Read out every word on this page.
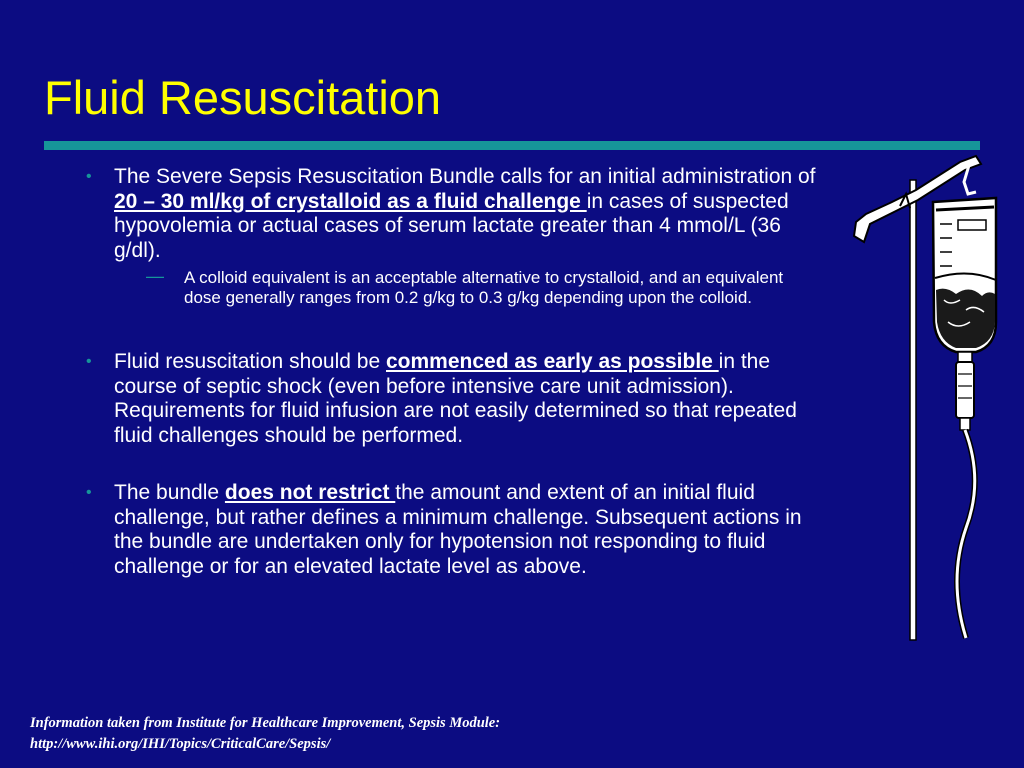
Fluid Resuscitation
• The Severe Sepsis Resuscitation Bundle calls for an initial administration of 20 – 30 ml/kg of crystalloid as a fluid challenge in cases of suspected hypovolemia or actual cases of serum lactate greater than 4 mmol/L (36 g/dl).
— A colloid equivalent is an acceptable alternative to crystalloid, and an equivalent dose generally ranges from 0.2 g/kg to 0.3 g/kg depending upon the colloid.
• Fluid resuscitation should be commenced as early as possible in the course of septic shock (even before intensive care unit admission). Requirements for fluid infusion are not easily determined so that repeated fluid challenges should be performed.
• The bundle does not restrict the amount and extent of an initial fluid challenge, but rather defines a minimum challenge. Subsequent actions in the bundle are undertaken only for hypotension not responding to fluid challenge or for an elevated lactate level as above.
Information taken from Institute for Healthcare Improvement, Sepsis Module:
http://www.ihi.org/IHI/Topics/CriticalCare/Sepsis/
